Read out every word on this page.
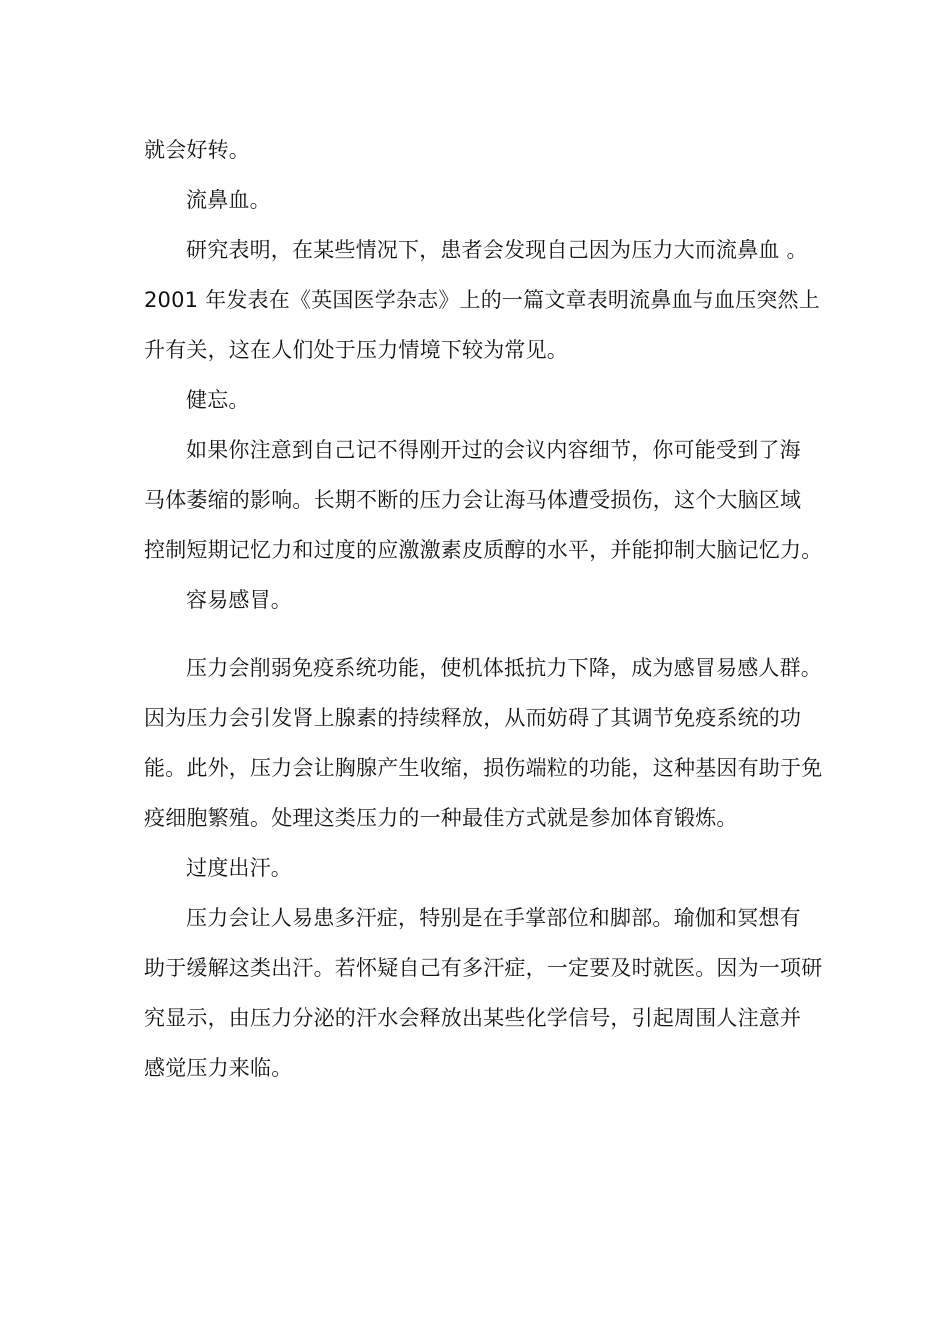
就会好转。
流鼻血。
研究表明，在某些情况下，患者会发现自己因为压力大而流鼻血 。
2001 年发表在《英国医学杂志》上的一篇文章表明流鼻血与血压突然上
升有关，这在人们处于压力情境下较为常见。
健忘。
如果你注意到自己记不得刚开过的会议内容细节，你可能受到了海
马体萎缩的影响。长期不断的压力会让海马体遭受损伤，这个大脑区域
控制短期记忆力和过度的应激激素皮质醇的水平，并能抑制大脑记忆力。
容易感冒。
压力会削弱免疫系统功能，使机体抵抗力下降，成为感冒易感人群。
因为压力会引发肾上腺素的持续释放，从而妨碍了其调节免疫系统的功
能。此外，压力会让胸腺产生收缩，损伤端粒的功能，这种基因有助于免
疫细胞繁殖。处理这类压力的一种最佳方式就是参加体育锻炼。
过度出汗。
压力会让人易患多汗症，特别是在手掌部位和脚部。瑜伽和冥想有
助于缓解这类出汗。若怀疑自己有多汗症，一定要及时就医。因为一项研
究显示，由压力分泌的汗水会释放出某些化学信号，引起周围人注意并
感觉压力来临。
